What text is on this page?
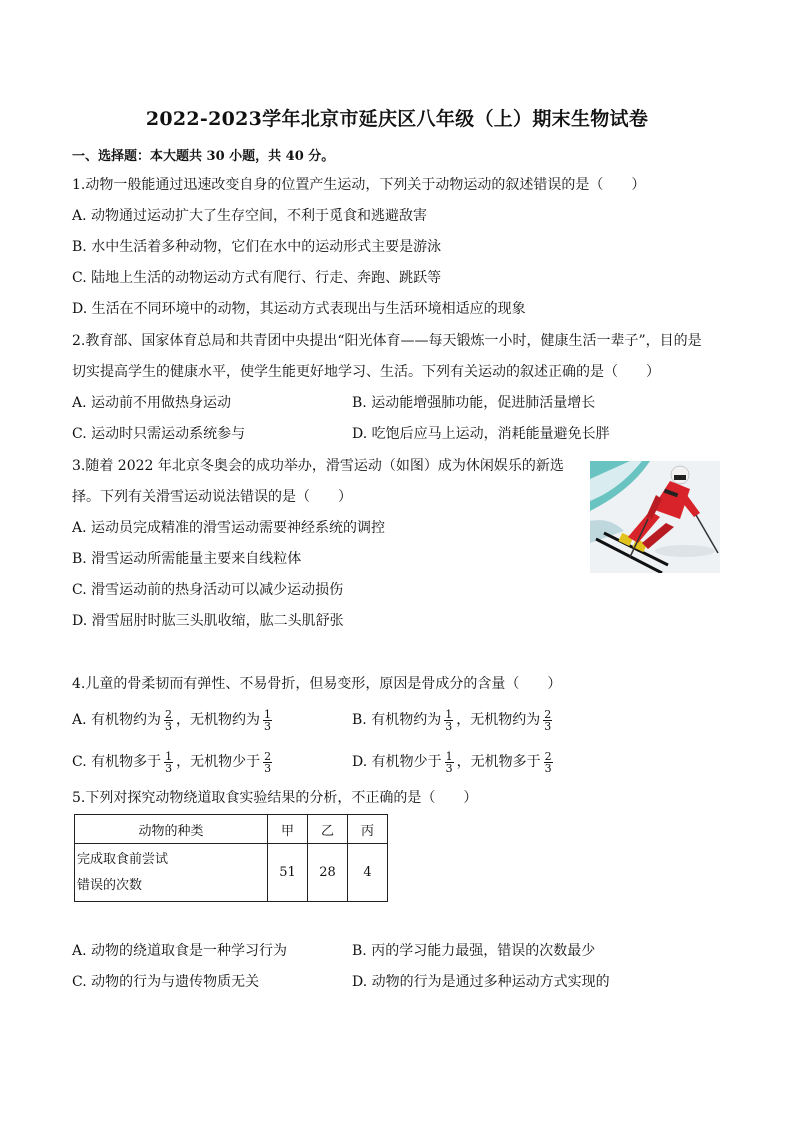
2022-2023学年北京市延庆区八年级（上）期末生物试卷
一、选择题：本大题共 30 小题，共 40 分。
1.动物一般能通过迅速改变自身的位置产生运动，下列关于动物运动的叙述错误的是（　　）
A. 动物通过运动扩大了生存空间，不利于觅食和逃避敌害
B. 水中生活着多种动物，它们在水中的运动形式主要是游泳
C. 陆地上生活的动物运动方式有爬行、行走、奔跑、跳跃等
D. 生活在不同环境中的动物，其运动方式表现出与生活环境相适应的现象
2.教育部、国家体育总局和共青团中央提出“阳光体育——每天锻炼一小时，健康生活一辈子”，目的是
切实提高学生的健康水平，使学生能更好地学习、生活。下列有关运动的叙述正确的是（　　）
A. 运动前不用做热身运动	B. 运动能增强肺功能，促进肺活量增长
C. 运动时只需运动系统参与	D. 吃饱后应马上运动，消耗能量避免长胖
3.随着 2022 年北京冬奥会的成功举办，滑雪运动（如图）成为休闲娱乐的新选
择。下列有关滑雪运动说法错误的是（　　）
A. 运动员完成精准的滑雪运动需要神经系统的调控
B. 滑雪运动所需能量主要来自线粒体
C. 滑雪运动前的热身活动可以减少运动损伤
D. 滑雪屈肘时肱三头肌收缩，肱二头肌舒张
4.儿童的骨柔韧而有弹性、不易骨折，但易变形，原因是骨成分的含量（　　）
A. 有机物约为 $\frac{2}{3}$ ，无机物约为 $\frac{1}{3}$	B. 有机物约为 $\frac{1}{3}$ ，无机物约为 $\frac{2}{3}$
C. 有机物多于 $\frac{1}{3}$ ，无机物少于 $\frac{2}{3}$	D. 有机物少于 $\frac{1}{3}$ ，无机物多于 $\frac{2}{3}$
5.下列对探究动物绕道取食实验结果的分析，不正确的是（　　）
动物的种类	甲	乙	丙

完成取食前尝试
错误的次数	51	28	4
A. 动物的绕道取食是一种学习行为	B. 丙的学习能力最强，错误的次数最少
C. 动物的行为与遗传物质无关	D. 动物的行为是通过多种运动方式实现的
